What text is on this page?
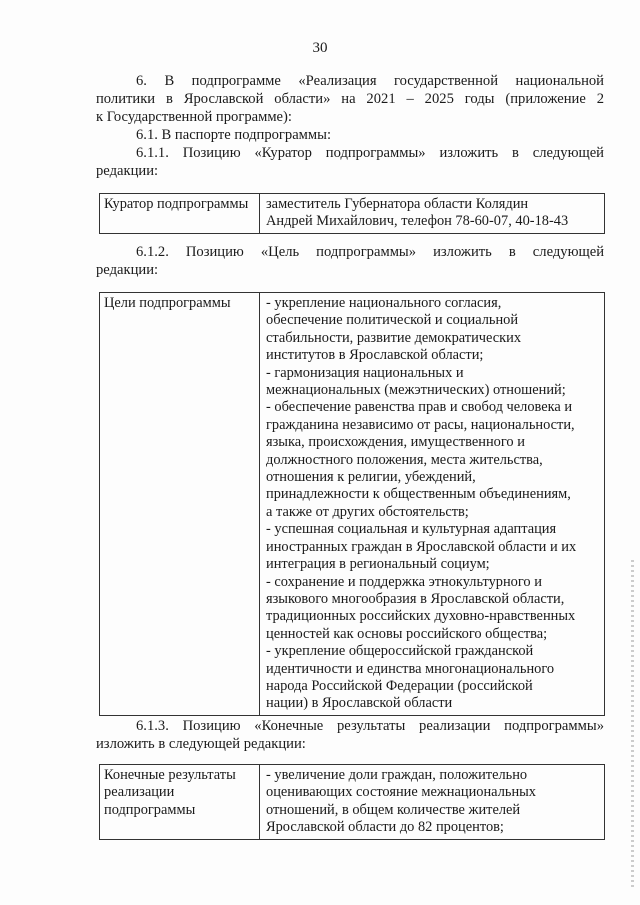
30
6. В подпрограмме «Реализация государственной национальной
политики в Ярославской области» на 2021 – 2025 годы (приложение 2
к Государственной программе):
6.1. В паспорте подпрограммы:
6.1.1. Позицию «Куратор подпрограммы» изложить в следующей
редакции:
Куратор подпрограммы	заместитель Губернатора области Колядин
Андрей Михайлович, телефон 78-60-07, 40-18-43
6.1.2. Позицию «Цель подпрограммы» изложить в следующей
редакции:
Цели подпрограммы	- укрепление национального согласия,
обеспечение политической и социальной
стабильности, развитие демократических
институтов в Ярославской области;
- гармонизация национальных и
межнациональных (межэтнических) отношений;
- обеспечение равенства прав и свобод человека и
гражданина независимо от расы, национальности,
языка, происхождения, имущественного и
должностного положения, места жительства,
отношения к религии, убеждений,
принадлежности к общественным объединениям,
а также от других обстоятельств;
- успешная социальная и культурная адаптация
иностранных граждан в Ярославской области и их
интеграция в региональный социум;
- сохранение и поддержка этнокультурного и
языкового многообразия в Ярославской области,
традиционных российских духовно-нравственных
ценностей как основы российского общества;
- укрепление общероссийской гражданской
идентичности и единства многонационального
народа Российской Федерации (российской
нации) в Ярославской области
6.1.3. Позицию «Конечные результаты реализации подпрограммы»
изложить в следующей редакции:
Конечные результаты
реализации
подпрограммы
- увеличение доли граждан, положительно
оценивающих состояние межнациональных
отношений, в общем количестве жителей
Ярославской области до 82 процентов;
